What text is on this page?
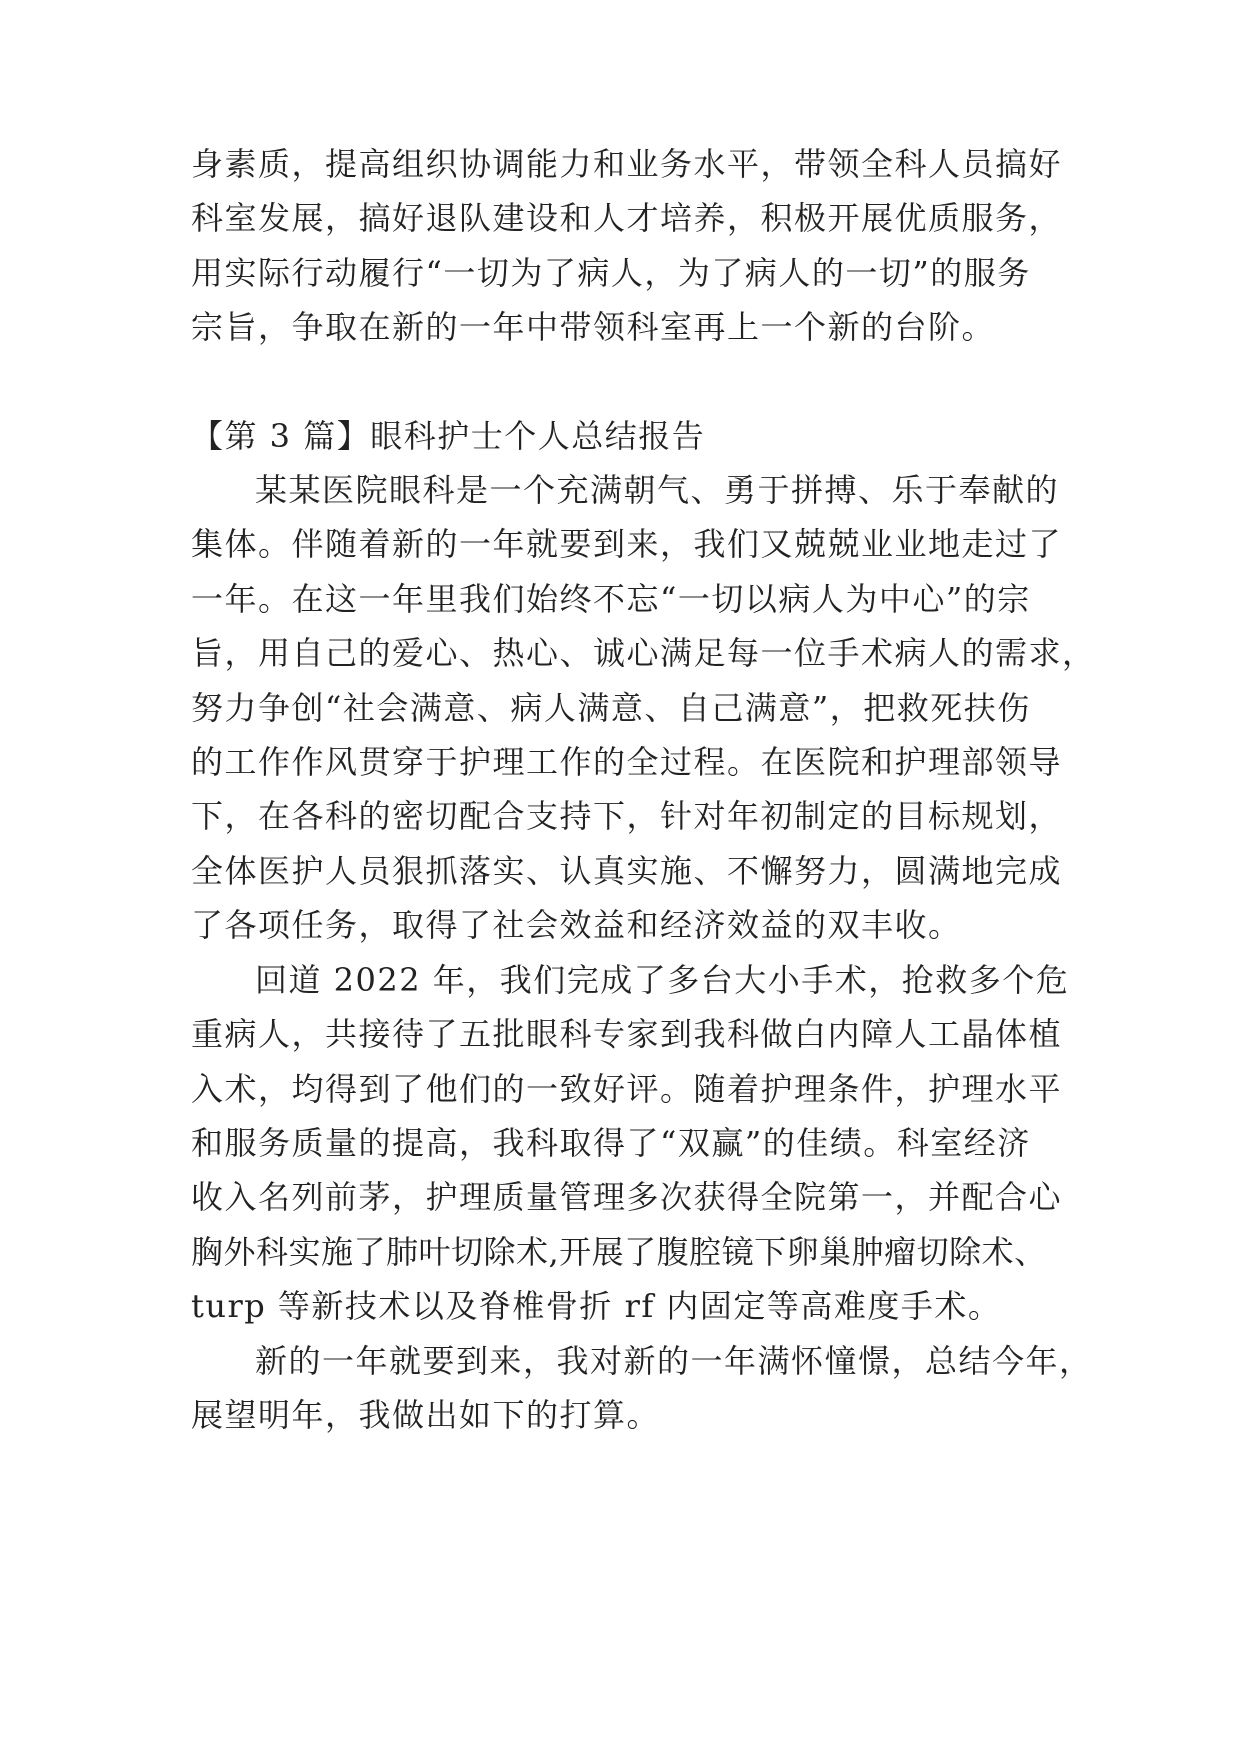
身素质，提高组织协调能力和业务水平，带领全科人员搞好
科室发展，搞好退队建设和人才培养，积极开展优质服务，
用实际行动履行“一切为了病人，为了病人的一切”的服务
宗旨，争取在新的一年中带领科室再上一个新的台阶。
【第 3 篇】眼科护士个人总结报告
某某医院眼科是一个充满朝气、勇于拼搏、乐于奉献的
集体。伴随着新的一年就要到来，我们又兢兢业业地走过了
一年。在这一年里我们始终不忘“一切以病人为中心”的宗
旨，用自己的爱心、热心、诚心满足每一位手术病人的需求，
努力争创“社会满意、病人满意、自己满意”，把救死扶伤
的工作作风贯穿于护理工作的全过程。在医院和护理部领导
下，在各科的密切配合支持下，针对年初制定的目标规划，
全体医护人员狠抓落实、认真实施、不懈努力，圆满地完成
了各项任务，取得了社会效益和经济效益的双丰收。
回道 2022 年，我们完成了多台大小手术，抢救多个危
重病人，共接待了五批眼科专家到我科做白内障人工晶体植
入术，均得到了他们的一致好评。随着护理条件，护理水平
和服务质量的提高，我科取得了“双赢”的佳绩。科室经济
收入名列前茅，护理质量管理多次获得全院第一，并配合心
胸外科实施了肺叶切除术,开展了腹腔镜下卵巢肿瘤切除术、
turp 等新技术以及脊椎骨折 rf 内固定等高难度手术。
新的一年就要到来，我对新的一年满怀憧憬，总结今年，
展望明年，我做出如下的打算。
